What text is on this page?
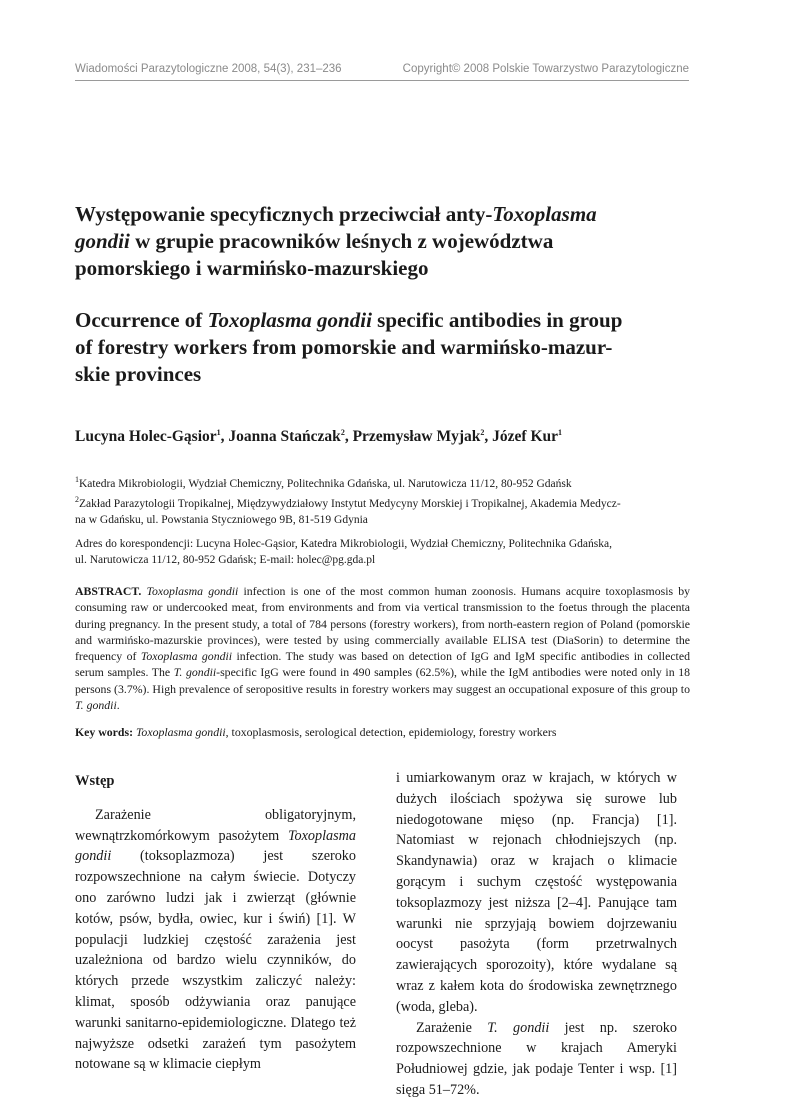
Wiadomości Parazytologiczne 2008, 54(3), 231–236	Copyright© 2008 Polskie Towarzystwo Parazytologiczne
Występowanie specyficznych przeciwciał anty-Toxoplasma
gondii w grupie pracowników leśnych z województwa
pomorskiego i warmińsko-mazurskiego
Occurrence of Toxoplasma gondii specific antibodies in group
of forestry workers from pomorskie and warmińsko-mazur-
skie provinces
Lucyna Holec-Gąsior$^1$, Joanna Stańczak$^2$, Przemysław Myjak$^2$, Józef Kur$^1$
$^1$Katedra Mikrobiologii, Wydział Chemiczny, Politechnika Gdańska, ul. Narutowicza 11/12, 80-952 Gdańsk
$^2$Zakład Parazytologii Tropikalnej, Międzywydziałowy Instytut Medycyny Morskiej i Tropikalnej, Akademia Medycz-
na w Gdańsku, ul. Powstania Styczniowego 9B, 81-519 Gdynia
Adres do korespondencji: Lucyna Holec-Gąsior, Katedra Mikrobiologii, Wydział Chemiczny, Politechnika Gdańska,
ul. Narutowicza 11/12, 80-952 Gdańsk; E-mail: holec@pg.gda.pl
ABSTRACT. Toxoplasma gondii infection is one of the most common human zoonosis. Humans acquire toxoplasmosis by consuming raw or undercooked meat, from environments and from via vertical transmission to the foetus through the placenta during pregnancy. In the present study, a total of 784 persons (forestry workers), from north-eastern region of Poland (pomorskie and warmińsko-mazurskie provinces), were tested by using commercially available ELISA test (DiaSorin) to determine the frequency of Toxoplasma gondii infection. The study was based on detection of IgG and IgM specific antibodies in collected serum samples. The T. gondii-specific IgG were found in 490 samples (62.5%), while the IgM antibodies were noted only in 18 persons (3.7%). High prevalence of seropositive results in forestry workers may suggest an occupational exposure of this group to T. gondii.
Key words: Toxoplasma gondii, toxoplasmosis, serological detection, epidemiology, forestry workers
Wstęp

Zarażenie obligatoryjnym, wewnątrzkomórkowym pasożytem Toxoplasma gondii (toksoplazmoza) jest szeroko rozpowszechnione na całym świecie. Dotyczy ono zarówno ludzi jak i zwierząt (głównie kotów, psów, bydła, owiec, kur i świń) [1]. W populacji ludzkiej częstość zarażenia jest uzależniona od bardzo wielu czynników, do których przede wszystkim zaliczyć należy: klimat, sposób odżywiania oraz panujące warunki sanitarno-epidemiologiczne. Dlatego też najwyższe odsetki zarażeń tym pasożytem notowane są w klimacie ciepłym

i umiarkowanym oraz w krajach, w których w dużych ilościach spożywa się surowe lub niedogotowane mięso (np. Francja) [1]. Natomiast w rejonach chłodniejszych (np. Skandynawia) oraz w krajach o klimacie gorącym i suchym częstość występowania toksoplazmozy jest niższa [2–4]. Panujące tam warunki nie sprzyjają bowiem dojrzewaniu oocyst pasożyta (form przetrwalnych zawierających sporozoity), które wydalane są wraz z kałem kota do środowiska zewnętrznego (woda, gleba).

Zarażenie T. gondii jest np. szeroko rozpowszechnione w krajach Ameryki Południowej gdzie, jak podaje Tenter i wsp. [1] sięga 51–72%.
